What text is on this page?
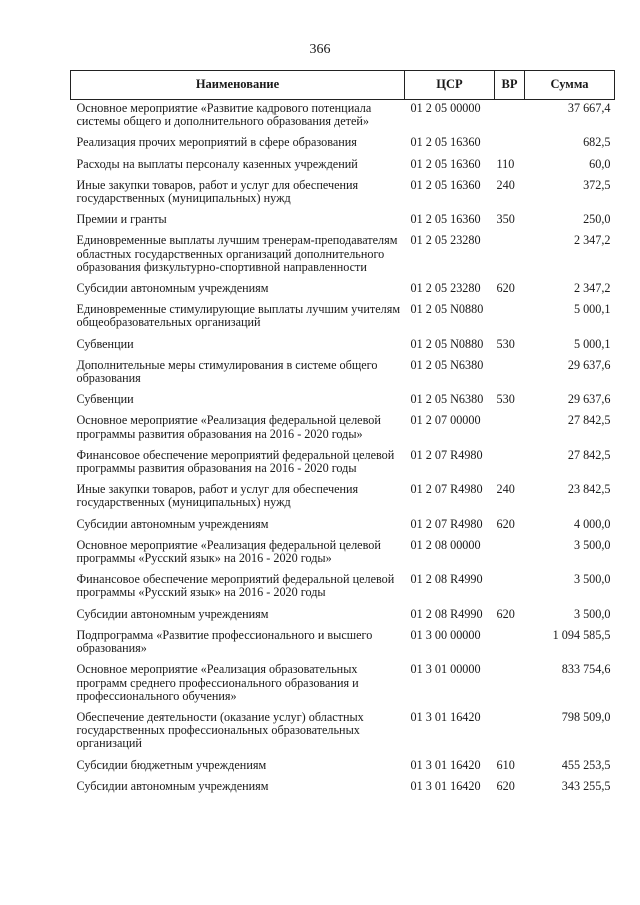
366
Наименование	ЦСР	ВР	Сумма
Основное мероприятие «Развитие кадрового потенциала системы общего и дополнительного образования детей»	01 2 05 00000		37 667,4
Реализация прочих мероприятий в сфере образования	01 2 05 16360		682,5
Расходы на выплаты персоналу казенных учреждений	01 2 05 16360	110	60,0
Иные закупки товаров, работ и услуг для обеспечения государственных (муниципальных) нужд	01 2 05 16360	240	372,5
Премии и гранты	01 2 05 16360	350	250,0
Единовременные выплаты лучшим тренерам-преподавателям областных государственных организаций дополнительного образования физкультурно-спортивной направленности	01 2 05 23280		2 347,2
Субсидии автономным учреждениям	01 2 05 23280	620	2 347,2
Единовременные стимулирующие выплаты лучшим учителям общеобразовательных организаций	01 2 05 N0880		5 000,1
Субвенции	01 2 05 N0880	530	5 000,1
Дополнительные меры стимулирования в системе общего образования	01 2 05 N6380		29 637,6
Субвенции	01 2 05 N6380	530	29 637,6
Основное мероприятие «Реализация федеральной целевой программы развития образования на 2016 - 2020 годы»	01 2 07 00000		27 842,5
Финансовое обеспечение мероприятий федеральной целевой программы развития образования на 2016 - 2020 годы	01 2 07 R4980		27 842,5
Иные закупки товаров, работ и услуг для обеспечения государственных (муниципальных) нужд	01 2 07 R4980	240	23 842,5
Субсидии автономным учреждениям	01 2 07 R4980	620	4 000,0
Основное мероприятие «Реализация федеральной целевой программы «Русский язык» на 2016 - 2020 годы»	01 2 08 00000		3 500,0
Финансовое обеспечение мероприятий федеральной целевой программы «Русский язык» на 2016 - 2020 годы	01 2 08 R4990		3 500,0
Субсидии автономным учреждениям	01 2 08 R4990	620	3 500,0
Подпрограмма «Развитие профессионального и высшего образования»	01 3 00 00000		1 094 585,5
Основное мероприятие «Реализация образовательных программ среднего профессионального образования и профессионального обучения»	01 3 01 00000		833 754,6
Обеспечение деятельности (оказание услуг) областных государственных профессиональных образовательных организаций	01 3 01 16420		798 509,0
Субсидии бюджетным учреждениям	01 3 01 16420	610	455 253,5
Субсидии автономным учреждениям	01 3 01 16420	620	343 255,5
